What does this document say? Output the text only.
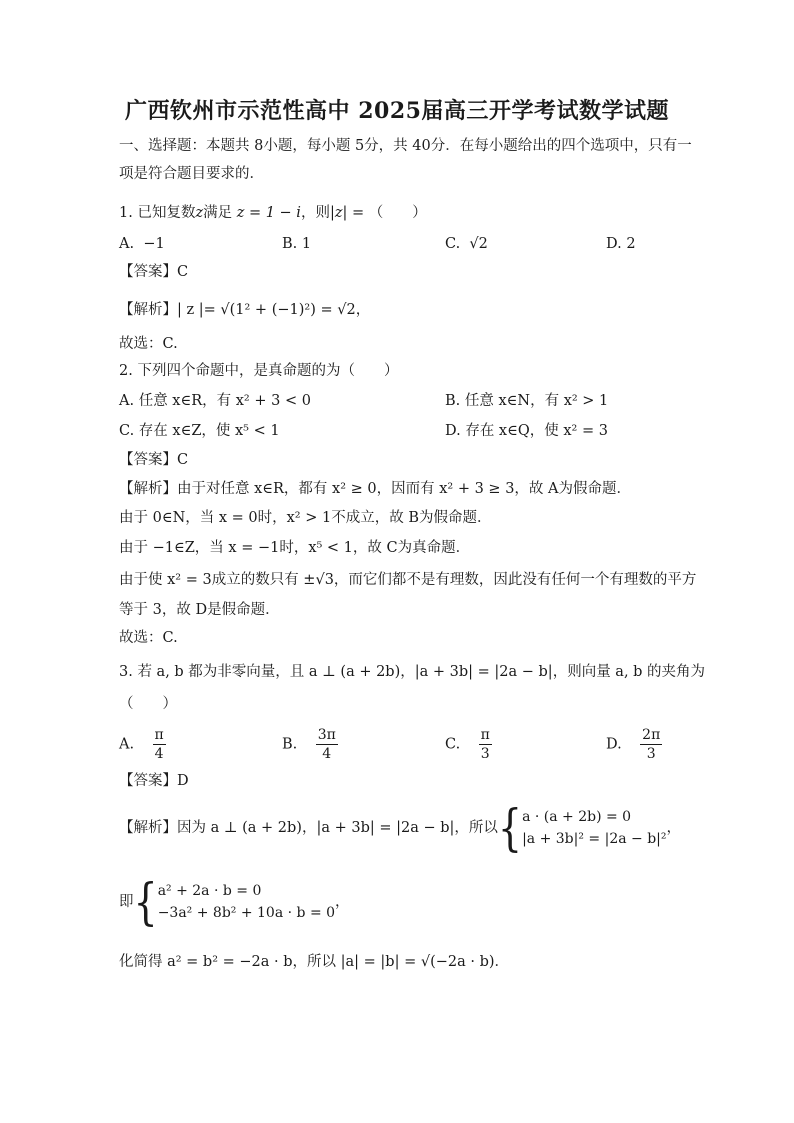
广西钦州市示范性高中 2025届高三开学考试数学试题
一、选择题：本题共 8小题，每小题 5分，共 40分．在每小题给出的四个选项中，只有一
项是符合题目要求的．
1. 已知复数z满足 z = 1 − i，则|z| = （　　）
A. −1	B. 1	C. √2	D. 2
【答案】C
【解析】| z |= √(1² + (−1)²) = √2，
故选：C.
2. 下列四个命题中，是真命题的为（　　）
A. 任意 x∈R，有 x² + 3 < 0	B. 任意 x∈N，有 x² > 1
C. 存在 x∈Z，使 x⁵ < 1	D. 存在 x∈Q，使 x² = 3
【答案】C
【解析】由于对任意 x∈R，都有 x² ≥ 0，因而有 x² + 3 ≥ 3，故 A为假命题．
由于 0∈N，当 x = 0时，x² > 1不成立，故 B为假命题．
由于 −1∈Z，当 x = −1时，x⁵ < 1，故 C为真命题．
由于使 x² = 3成立的数只有 ±√3，而它们都不是有理数，因此没有任何一个有理数的平方
等于 3，故 D是假命题．
故选：C.
3. 若 a, b 都为非零向量，且 a ⊥ (a + 2b)，|a + 3b| = |2a − b|，则向量 a, b 的夹角为
（　　）
A. $\frac{\pi}{4}$	B. $\frac{3\pi}{4}$	C. $\frac{\pi}{3}$	D. $\frac{2\pi}{3}$
【答案】D
【解析】因为 a ⊥ (a + 2b)，|a + 3b| = |2a − b|，所以{ a · (a + 2b) = 0
|a + 3b|² = |2a − b|²
，
即{ a² + 2a · b = 0
−3a² + 8b² + 10a · b = 0
，
化简得 a² = b² = −2a · b，所以 |a| = |b| = √(−2a · b)．
